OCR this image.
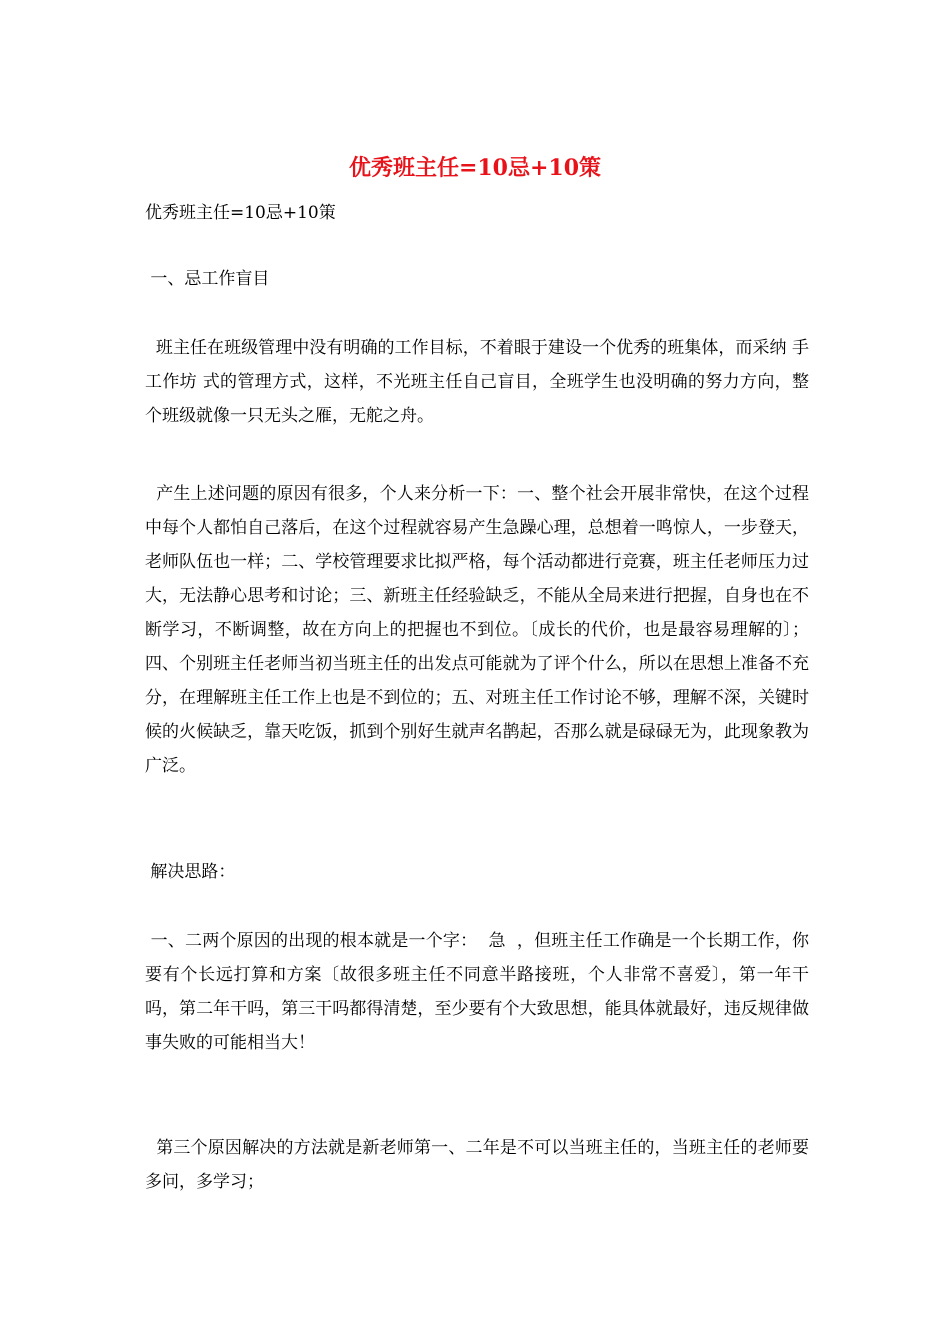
优秀班主任=10忌+10策

优秀班主任=10忌+10策

一、忌工作盲目

班主任在班级管理中没有明确的工作目标，不着眼于建设一个优秀的班集体，而采纳 手工作坊 式的管理方式，这样，不光班主任自己盲目，全班学生也没明确的努力方向，整个班级就像一只无头之雁，无舵之舟。

产生上述问题的原因有很多，个人来分析一下：一、整个社会开展非常快，在这个过程中每个人都怕自己落后，在这个过程就容易产生急躁心理，总想着一鸣惊人，一步登天，老师队伍也一样；二、学校管理要求比拟严格，每个活动都进行竞赛，班主任老师压力过大，无法静心思考和讨论；三、新班主任经验缺乏，不能从全局来进行把握，自身也在不断学习，不断调整，故在方向上的把握也不到位。〔成长的代价，也是最容易理解的〕；四、个别班主任老师当初当班主任的出发点可能就为了评个什么，所以在思想上准备不充分，在理解班主任工作上也是不到位的；五、对班主任工作讨论不够，理解不深，关键时候的火候缺乏，靠天吃饭，抓到个别好生就声名鹊起，否那么就是碌碌无为，此现象教为广泛。

解决思路：

一、二两个原因的出现的根本就是一个字：  急  ，但班主任工作确是一个长期工作，你要有个长远打算和方案〔故很多班主任不同意半路接班，个人非常不喜爱〕，第一年干吗，第二年干吗，第三干吗都得清楚，至少要有个大致思想，能具体就最好，违反规律做事失败的可能相当大！

第三个原因解决的方法就是新老师第一、二年是不可以当班主任的，当班主任的老师要多问，多学习；
